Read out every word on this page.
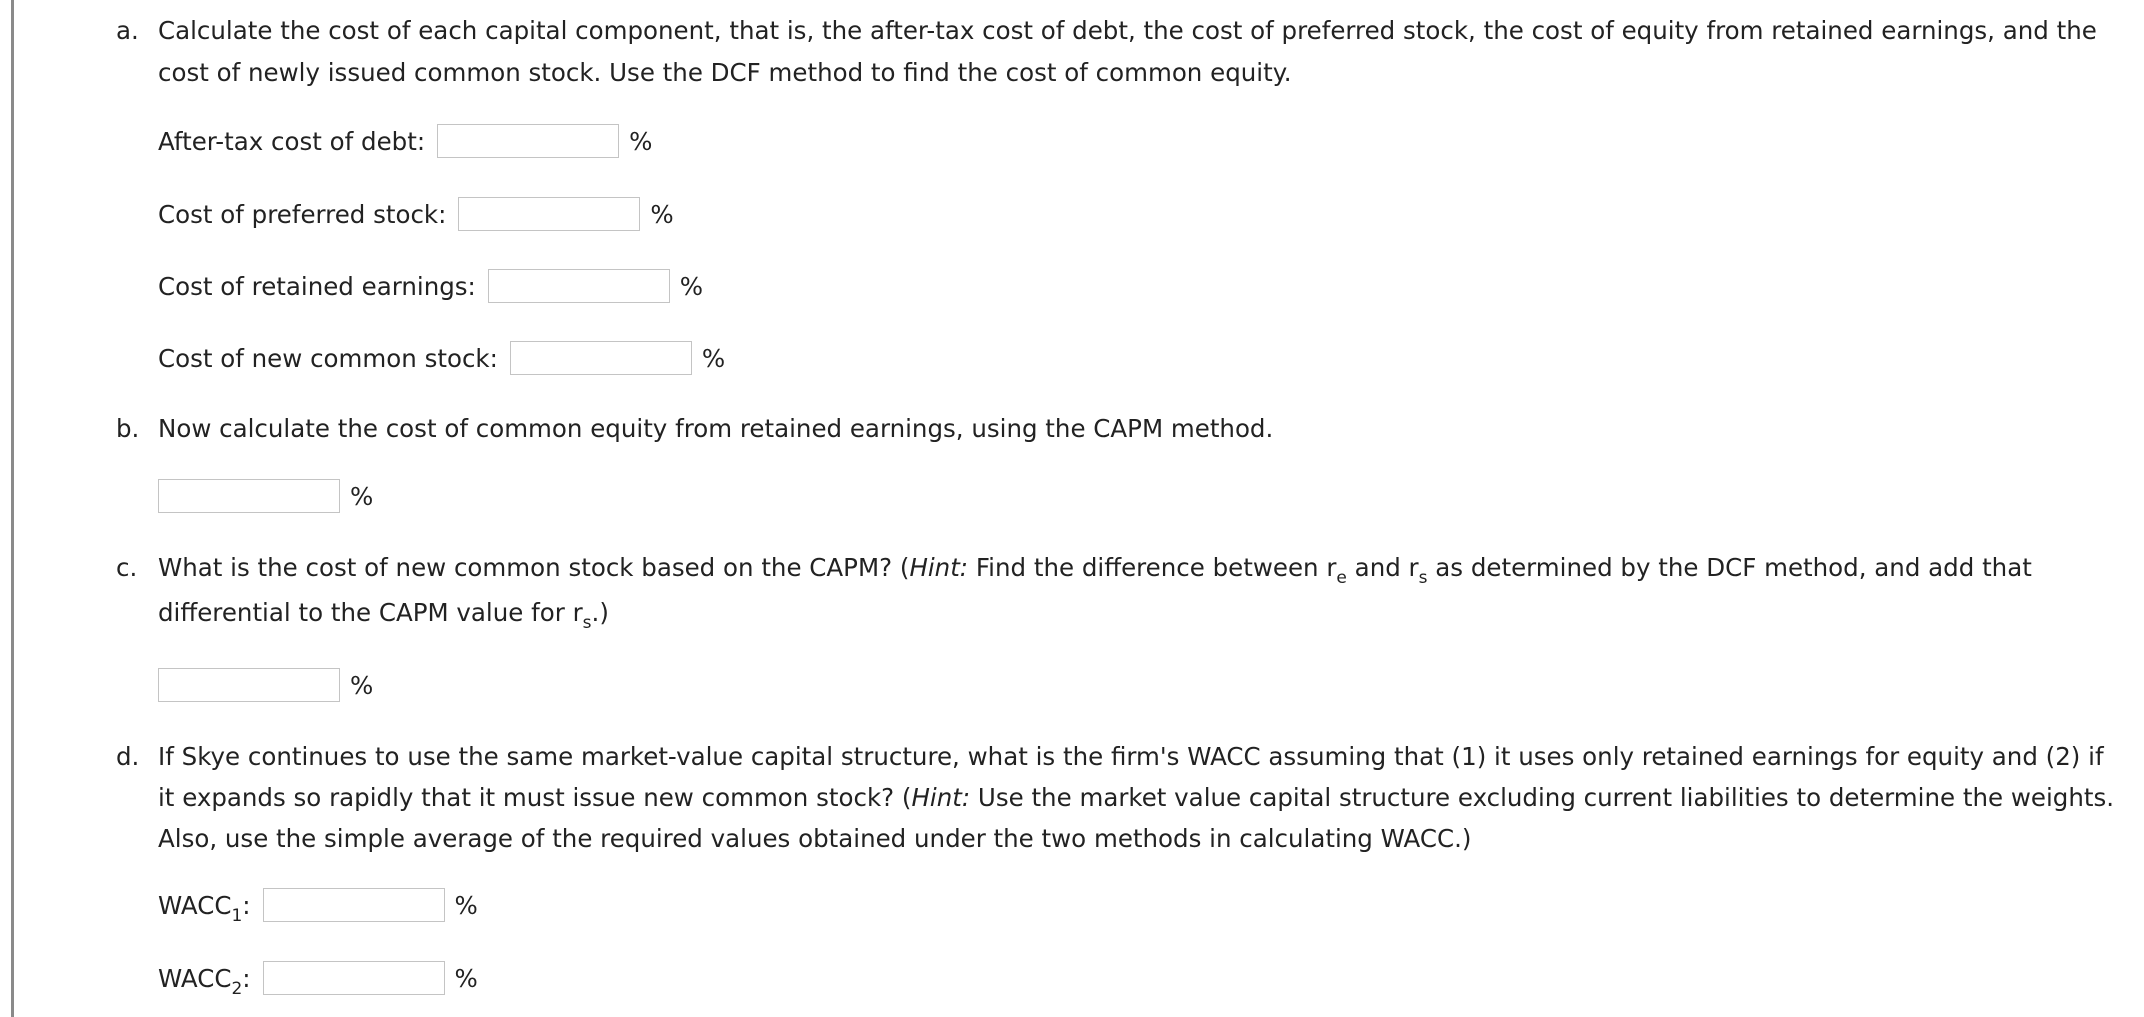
a. Calculate the cost of each capital component, that is, the after-tax cost of debt, the cost of preferred stock, the cost of equity from retained earnings, and the
cost of newly issued common stock. Use the DCF method to find the cost of common equity.
After-tax cost of debt:	%
Cost of preferred stock:	%
Cost of retained earnings:	%
Cost of new common stock:	%
b. Now calculate the cost of common equity from retained earnings, using the CAPM method.
%
c. What is the cost of new common stock based on the CAPM? (Hint: Find the difference between $r_e$ and $r_s$ as determined by the DCF method, and add that
differential to the CAPM value for $r_s$.)
%
d. If Skye continues to use the same market-value capital structure, what is the firm's WACC assuming that (1) it uses only retained earnings for equity and (2) if
it expands so rapidly that it must issue new common stock? (Hint: Use the market value capital structure excluding current liabilities to determine the weights.
Also, use the simple average of the required values obtained under the two methods in calculating WACC.)
$WACC_1$:	%
$WACC_2$:	%
